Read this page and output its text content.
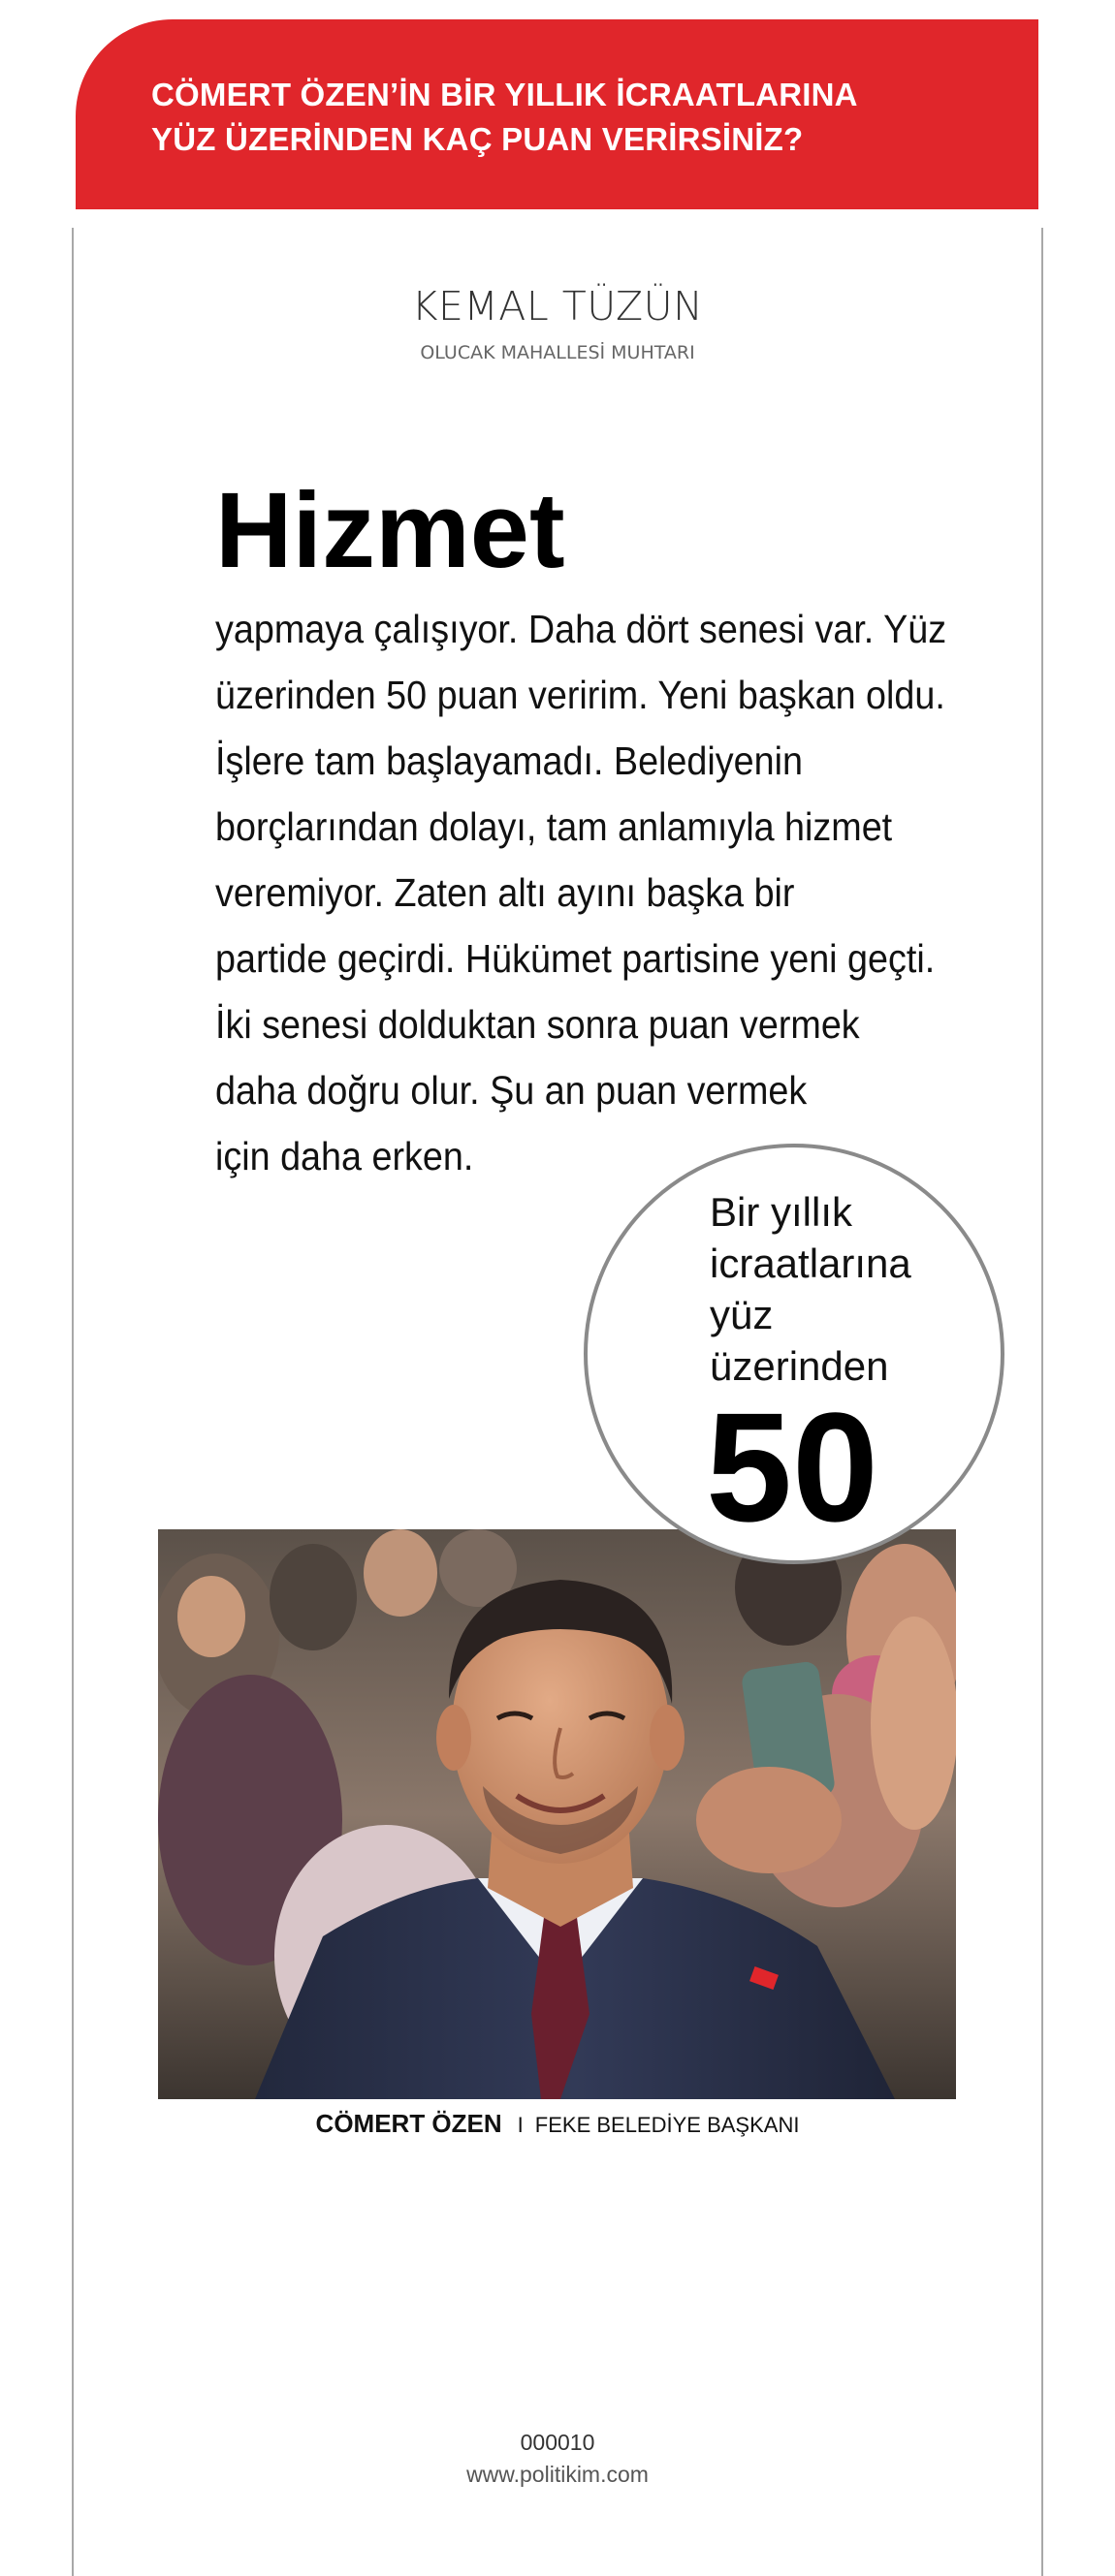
CÖMERT ÖZEN’İN BİR YILLIK İCRAATLARINA
YÜZ ÜZERİNDEN KAÇ PUAN VERİRSİNİZ?
KEMAL TÜZÜN
OLUCAK MAHALLESİ MUHTARI
Hizmet

yapmaya çalışıyor. Daha dört senesi var. Yüz
üzerinden 50 puan veririm. Yeni başkan oldu.
İşlere tam başlayamadı. Belediyenin
borçlarından dolayı, tam anlamıyla hizmet
veremiyor. Zaten altı ayını başka bir
partide geçirdi. Hükümet partisine yeni geçti.
İki senesi dolduktan sonra puan vermek
daha doğru olur. Şu an puan vermek
için daha erken.

Bir yıllık
icraatlarına
yüz
üzerinden

50
CÖMERT ÖZEN I FEKE BELEDİYE BAŞKANI
000010
www.politikim.com
